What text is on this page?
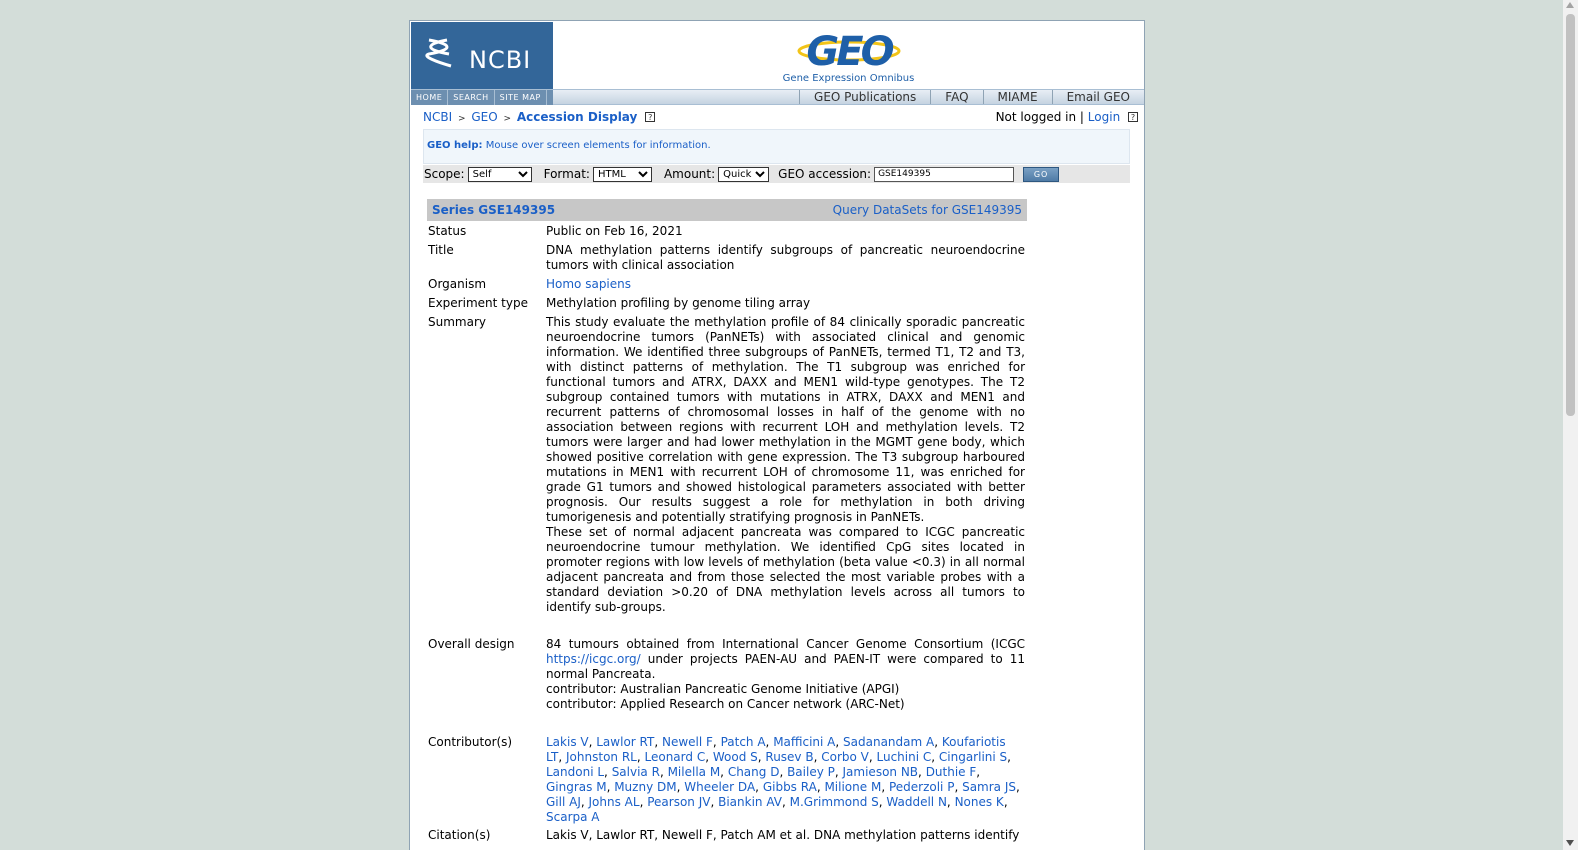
NCBI	GEO
Gene Expression Omnibus
HOME	SEARCH	SITE MAP	GEO Publications	FAQ	MIAME	Email GEO
NCBI > GEO > Accession Display ?	Not logged in | Login ?
GEO help: Mouse over screen elements for information.
Scope:
Self	Format:
HTML	Amount:
Quick	GEO accession:
GSE149395	GO
Series GSE149395	Query DataSets for GSE149395
Status	Public on Feb 16, 2021
Title	DNA methylation patterns identify subgroups of pancreatic neuroendocrine tumors with clinical association
Organism	Homo sapiens
Experiment type	Methylation profiling by genome tiling array
Summary	This study evaluate the methylation profile of 84 clinically sporadic pancreatic neuroendocrine tumors (PanNETs) with associated clinical and genomic information. We identified three subgroups of PanNETs, termed T1, T2 and T3, with distinct patterns of methylation. The T1 subgroup was enriched for functional tumors and ATRX, DAXX and MEN1 wild-type genotypes. The T2 subgroup contained tumors with mutations in ATRX, DAXX and MEN1 and recurrent patterns of chromosomal losses in half of the genome with no association between regions with recurrent LOH and methylation levels. T2 tumors were larger and had lower methylation in the MGMT gene body, which showed positive correlation with gene expression. The T3 subgroup harboured mutations in MEN1 with recurrent LOH of chromosome 11, was enriched for grade G1 tumors and showed histological parameters associated with better prognosis. Our results suggest a role for methylation in both driving tumorigenesis and potentially stratifying prognosis in PanNETs.

These set of normal adjacent pancreata was compared to ICGC pancreatic neuroendocrine tumour methylation. We identified CpG sites located in promoter regions with low levels of methylation (beta value <0.3) in all normal adjacent pancreata and from those selected the most variable probes with a standard deviation >0.20 of DNA methylation levels across all tumors to identify sub-groups.

Overall design	84 tumours obtained from International Cancer Genome Consortium (ICGC https://icgc.org/ under projects PAEN-AU and PAEN-IT were compared to 11 normal Pancreata.

contributor: Australian Pancreatic Genome Initiative (APGI)

contributor: Applied Research on Cancer network (ARC-Net)

Contributor(s)	Lakis V, Lawlor RT, Newell F, Patch A, Mafficini A, Sadanandam A, Koufariotis LT, Johnston RL, Leonard C, Wood S, Rusev B, Corbo V, Luchini C, Cingarlini S, Landoni L, Salvia R, Milella M, Chang D, Bailey P, Jamieson NB, Duthie F, Gingras M, Muzny DM, Wheeler DA, Gibbs RA, Milione M, Pederzoli P, Samra JS, Gill AJ, Johns AL, Pearson JV, Biankin AV, M.Grimmond S, Waddell N, Nones K, Scarpa A
Citation(s)	Lakis V, Lawlor RT, Newell F, Patch AM et al. DNA methylation patterns identify
